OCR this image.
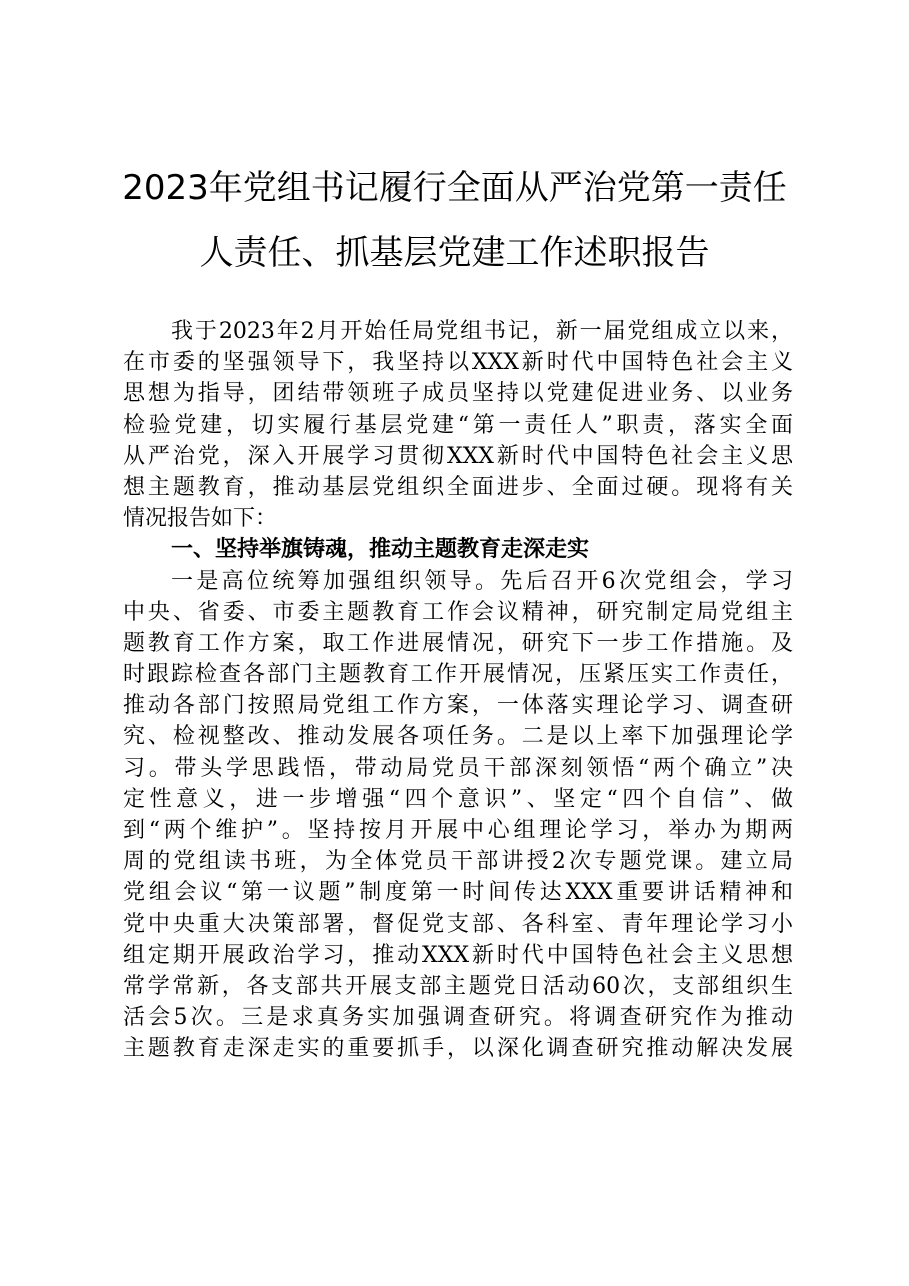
2023年党组书记履行全面从严治党第一责任
人责任、抓基层党建工作述职报告
我于2023年2月开始任局党组书记，新一届党组成立以来，
在市委的坚强领导下，我坚持以XXX新时代中国特色社会主义
思想为指导，团结带领班子成员坚持以党建促进业务、以业务
检验党建，切实履行基层党建“第一责任人”职责，落实全面
从严治党，深入开展学习贯彻XXX新时代中国特色社会主义思
想主题教育，推动基层党组织全面进步、全面过硬。现将有关
情况报告如下：
一、坚持举旗铸魂，推动主题教育走深走实
一是高位统筹加强组织领导。先后召开6次党组会，学习
中央、省委、市委主题教育工作会议精神，研究制定局党组主
题教育工作方案，取工作进展情况，研究下一步工作措施。及
时跟踪检查各部门主题教育工作开展情况，压紧压实工作责任，
推动各部门按照局党组工作方案，一体落实理论学习、调查研
究、检视整改、推动发展各项任务。二是以上率下加强理论学
习。带头学思践悟，带动局党员干部深刻领悟“两个确立”决
定性意义，进一步增强“四个意识”、坚定“四个自信”、做
到“两个维护”。坚持按月开展中心组理论学习，举办为期两
周的党组读书班，为全体党员干部讲授2次专题党课。建立局
党组会议“第一议题”制度第一时间传达XXX重要讲话精神和
党中央重大决策部署，督促党支部、各科室、青年理论学习小
组定期开展政治学习，推动XXX新时代中国特色社会主义思想
常学常新，各支部共开展支部主题党日活动60次，支部组织生
活会5次。三是求真务实加强调查研究。将调查研究作为推动
主题教育走深走实的重要抓手，以深化调查研究推动解决发展
